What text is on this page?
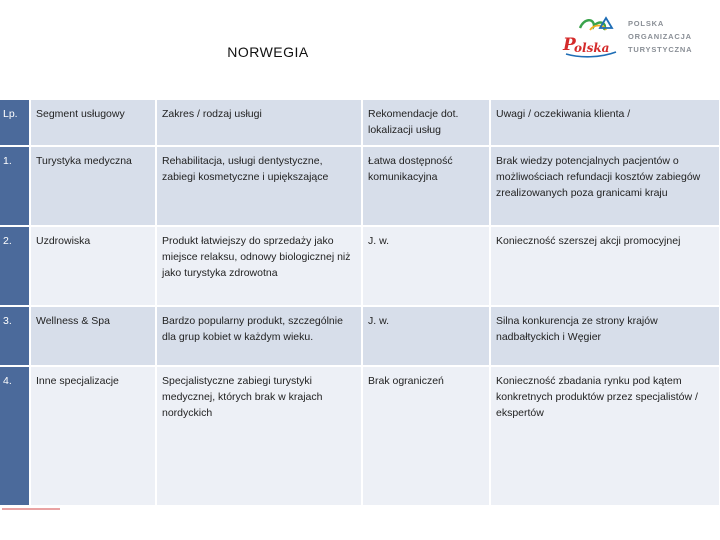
NORWEGIA	P
olska
POLSKA
ORGANIZACJA
TURYSTYCZNA
Lp.	Segment usługowy	Zakres / rodzaj usługi	Rekomendacje dot. lokalizacji usług	Uwagi / oczekiwania klienta /
1.	Turystyka medyczna	Rehabilitacja, usługi dentystyczne, zabiegi kosmetyczne i upiększające	Łatwa dostępność komunikacyjna	Brak wiedzy potencjalnych pacjentów o możliwościach refundacji kosztów zabiegów zrealizowanych poza granicami kraju
2.	Uzdrowiska	Produkt łatwiejszy do sprzedaży jako miejsce relaksu, odnowy biologicznej niż jako turystyka zdrowotna	J. w.	Konieczność szerszej akcji promocyjnej
3.	Wellness & Spa	Bardzo popularny produkt, szczególnie dla grup kobiet w każdym wieku.	J. w.	Silna konkurencja ze strony krajów nadbałtyckich i Węgier
4.	Inne specjalizacje	Specjalistyczne zabiegi turystyki medycznej, których brak w krajach nordyckich	Brak ograniczeń	Konieczność zbadania rynku pod kątem konkretnych produktów przez specjalistów / ekspertów
